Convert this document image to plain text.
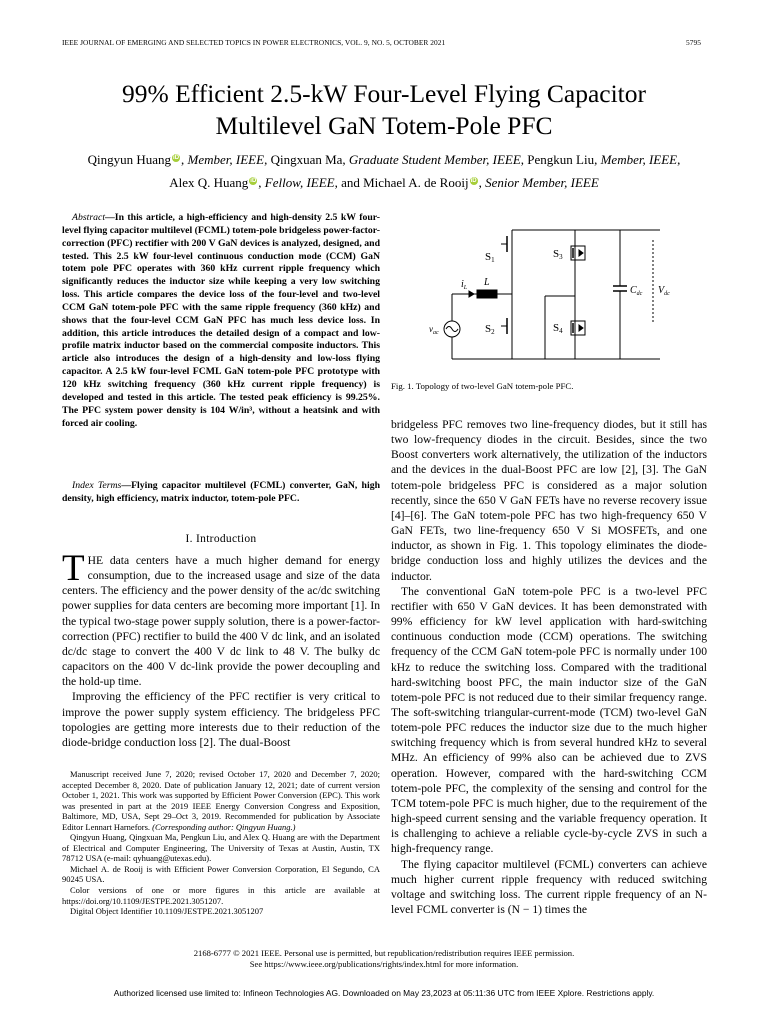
IEEE JOURNAL OF EMERGING AND SELECTED TOPICS IN POWER ELECTRONICS, VOL. 9, NO. 5, OCTOBER 2021	5795
99% Efficient 2.5-kW Four-Level Flying Capacitor
Multilevel GaN Totem-Pole PFC
Qingyun Huang iD , Member, IEEE, Qingxuan Ma, Graduate Student Member, IEEE, Pengkun Liu, Member, IEEE,
Alex Q. Huang iD , Fellow, IEEE, and Michael A. de Rooij iD , Senior Member, IEEE

Abstract—In this article, a high-efficiency and high-density 2.5 kW four-level flying capacitor multilevel (FCML) totem-pole bridgeless power-factor-correction (PFC) rectifier with 200 V GaN devices is analyzed, designed, and tested. This 2.5 kW four-level continuous conduction mode (CCM) GaN totem pole PFC operates with 360 kHz current ripple frequency which significantly reduces the inductor size while keeping a very low switching loss. This article compares the device loss of the four-level and two-level CCM GaN totem-pole PFC with the same ripple frequency (360 kHz) and shows that the four-level CCM GaN PFC has much less device loss. In addition, this article introduces the detailed design of a compact and low-profile matrix inductor based on the commercial composite inductors. This article also introduces the design of a high-density and low-loss flying capacitor. A 2.5 kW four-level FCML GaN totem-pole PFC prototype with 120 kHz switching frequency (360 kHz current ripple frequency) is developed and tested in this article. The tested peak efficiency is 99.25%. The PFC system power density is 104 W/in³, without a heatsink and with forced air cooling.

Index Terms—Flying capacitor multilevel (FCML) converter, GaN, high density, high efficiency, matrix inductor, totem-pole PFC.

I. Introduction

THE data centers have a much higher demand for energy consumption, due to the increased usage and size of the data centers. The efficiency and the power density of the ac/dc switching power supplies for data centers are becoming more important [1]. In the typical two-stage power supply solution, there is a power-factor-correction (PFC) rectifier to build the 400 V dc link, and an isolated dc/dc stage to convert the 400 V dc link to 48 V. The bulky dc capacitors on the 400 V dc-link provide the power decoupling and the hold-up time.

Improving the efficiency of the PFC rectifier is very critical to improve the power supply system efficiency. The bridgeless PFC topologies are getting more interests due to their reduction of the diode-bridge conduction loss [2]. The dual-Boost

Manuscript received June 7, 2020; revised October 17, 2020 and December 7, 2020; accepted December 8, 2020. Date of publication January 12, 2021; date of current version October 1, 2021. This work was supported by Efficient Power Conversion (EPC). This work was presented in part at the 2019 IEEE Energy Conversion Congress and Exposition, Baltimore, MD, USA, Sept 29–Oct 3, 2019. Recommended for publication by Associate Editor Lennart Harnefors. (Corresponding author: Qingyun Huang.)

Qingyun Huang, Qingxuan Ma, Pengkun Liu, and Alex Q. Huang are with the Department of Electrical and Computer Engineering, The University of Texas at Austin, Austin, TX 78712 USA (e-mail: qyhuang@utexas.edu).

Michael A. de Rooij is with Efficient Power Conversion Corporation, El Segundo, CA 90245 USA.

Color versions of one or more figures in this article are available at https://doi.org/10.1109/JESTPE.2021.3051207.

Digital Object Identifier 10.1109/JESTPE.2021.3051207

S1
S2
S3
S4
$i_L$ L
$v_{ac}$
$C_{dc}$ $V_{dc}$
Fig. 1. Topology of two-level GaN totem-pole PFC.

bridgeless PFC removes two line-frequency diodes, but it still has two low-frequency diodes in the circuit. Besides, since the two Boost converters work alternatively, the utilization of the inductors and the devices in the dual-Boost PFC are low [2], [3]. The GaN totem-pole bridgeless PFC is considered as a major solution recently, since the 650 V GaN FETs have no reverse recovery issue [4]–[6]. The GaN totem-pole PFC has two high-frequency 650 V GaN FETs, two line-frequency 650 V Si MOSFETs, and one inductor, as shown in Fig. 1. This topology eliminates the diode-bridge conduction loss and highly utilizes the devices and the inductor.

The conventional GaN totem-pole PFC is a two-level PFC rectifier with 650 V GaN devices. It has been demonstrated with 99% efficiency for kW level application with hard-switching continuous conduction mode (CCM) operations. The switching frequency of the CCM GaN totem-pole PFC is normally under 100 kHz to reduce the switching loss. Compared with the traditional hard-switching boost PFC, the main inductor size of the GaN totem-pole PFC is not reduced due to their similar frequency range. The soft-switching triangular-current-mode (TCM) two-level GaN totem-pole PFC reduces the inductor size due to the much higher switching frequency which is from several hundred kHz to several MHz. An efficiency of 99% also can be achieved due to ZVS operation. However, compared with the hard-switching CCM totem-pole PFC, the complexity of the sensing and control for the TCM totem-pole PFC is much higher, due to the requirement of the high-speed current sensing and the variable frequency operation. It is challenging to achieve a reliable cycle-by-cycle ZVS in such a high-frequency range.

The flying capacitor multilevel (FCML) converters can achieve much higher current ripple frequency with reduced switching voltage and switching loss. The current ripple frequency of an N-level FCML converter is (N − 1) times the

2168-6777 © 2021 IEEE. Personal use is permitted, but republication/redistribution requires IEEE permission.
See https://www.ieee.org/publications/rights/index.html for more information.
Authorized licensed use limited to: Infineon Technologies AG. Downloaded on May 23,2023 at 05:11:36 UTC from IEEE Xplore. Restrictions apply.
